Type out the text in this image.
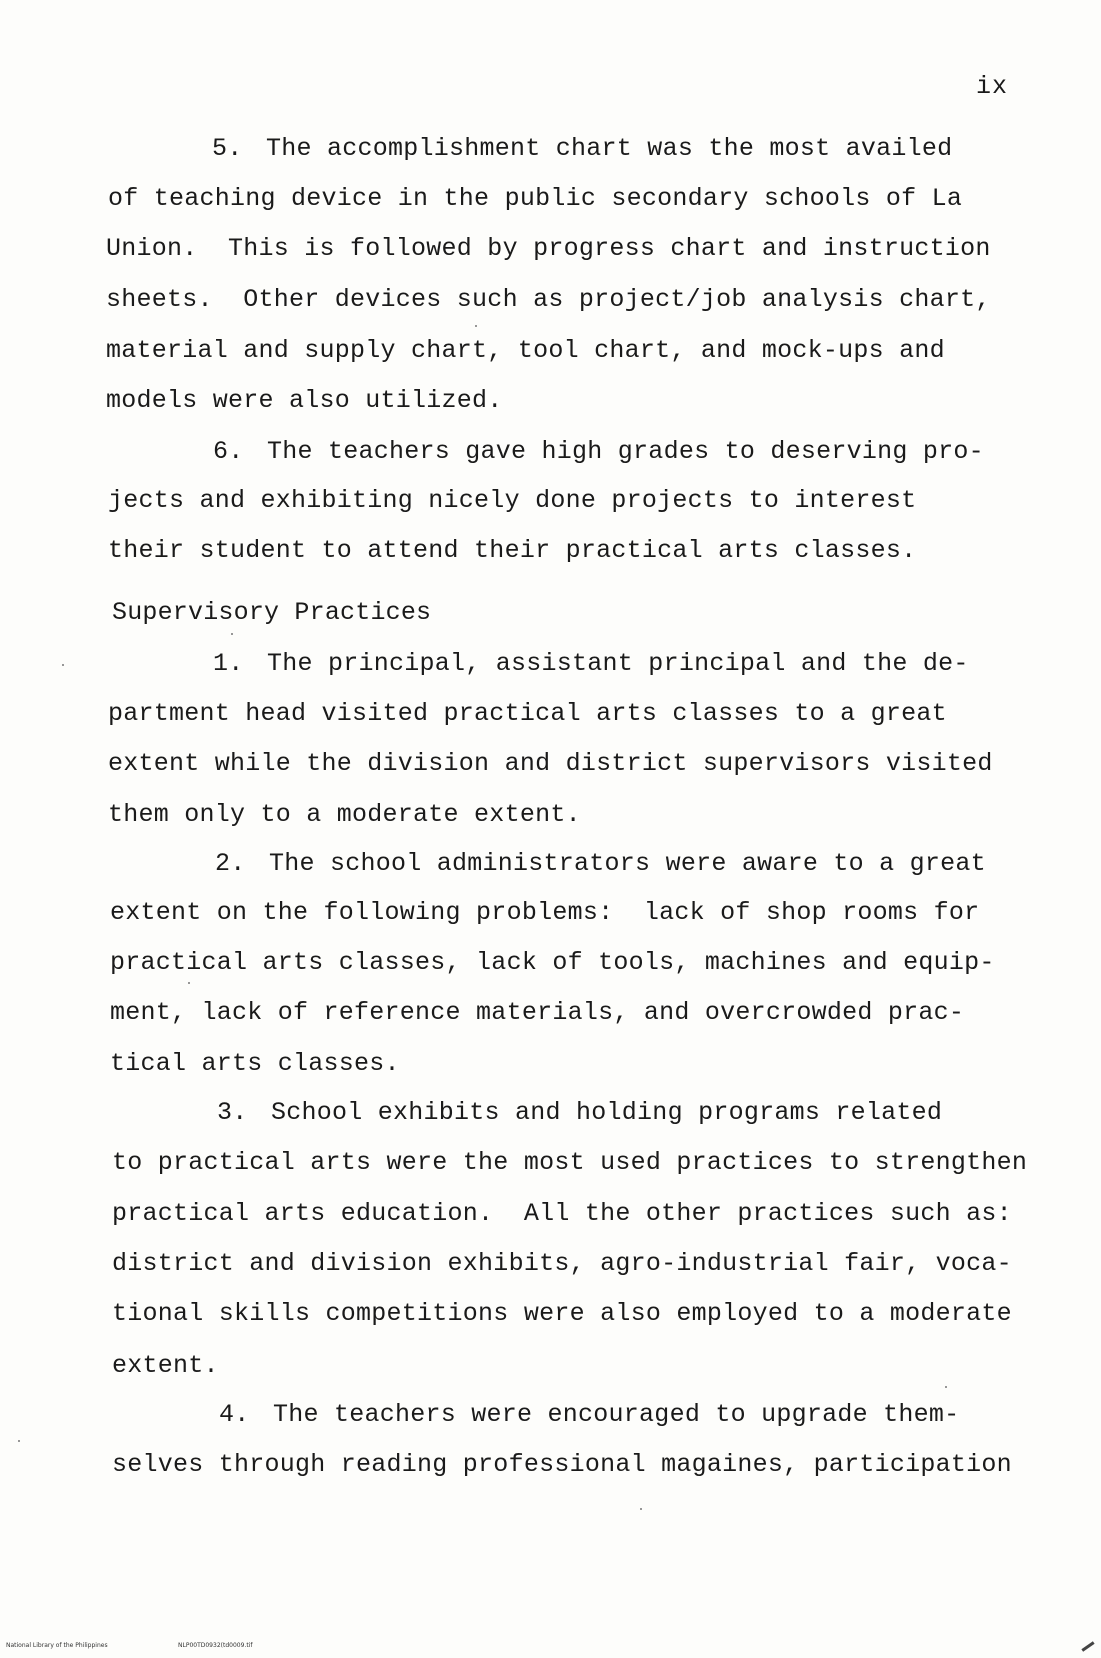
ix
5. The accomplishment chart was the most availed
of teaching device in the public secondary schools of La
Union.  This is followed by progress chart and instruction
sheets.  Other devices such as project/job analysis chart,
material and supply chart, tool chart, and mock-ups and
models were also utilized.
6. The teachers gave high grades to deserving pro-
jects and exhibiting nicely done projects to interest
their student to attend their practical arts classes.
Supervisory Practices
1. The principal, assistant principal and the de-
partment head visited practical arts classes to a great
extent while the division and district supervisors visited
them only to a moderate extent.
2. The school administrators were aware to a great
extent on the following problems:  lack of shop rooms for
practical arts classes, lack of tools, machines and equip-
ment, lack of reference materials, and overcrowded prac-
tical arts classes.
3. School exhibits and holding programs related
to practical arts were the most used practices to strengthen
practical arts education.  All the other practices such as:
district and division exhibits, agro-industrial fair, voca-
tional skills competitions were also employed to a moderate
extent.
4. The teachers were encouraged to upgrade them-
selves through reading professional magaines, participation
National Library of the Philippines	NLP00TD0932(td0009.tif
